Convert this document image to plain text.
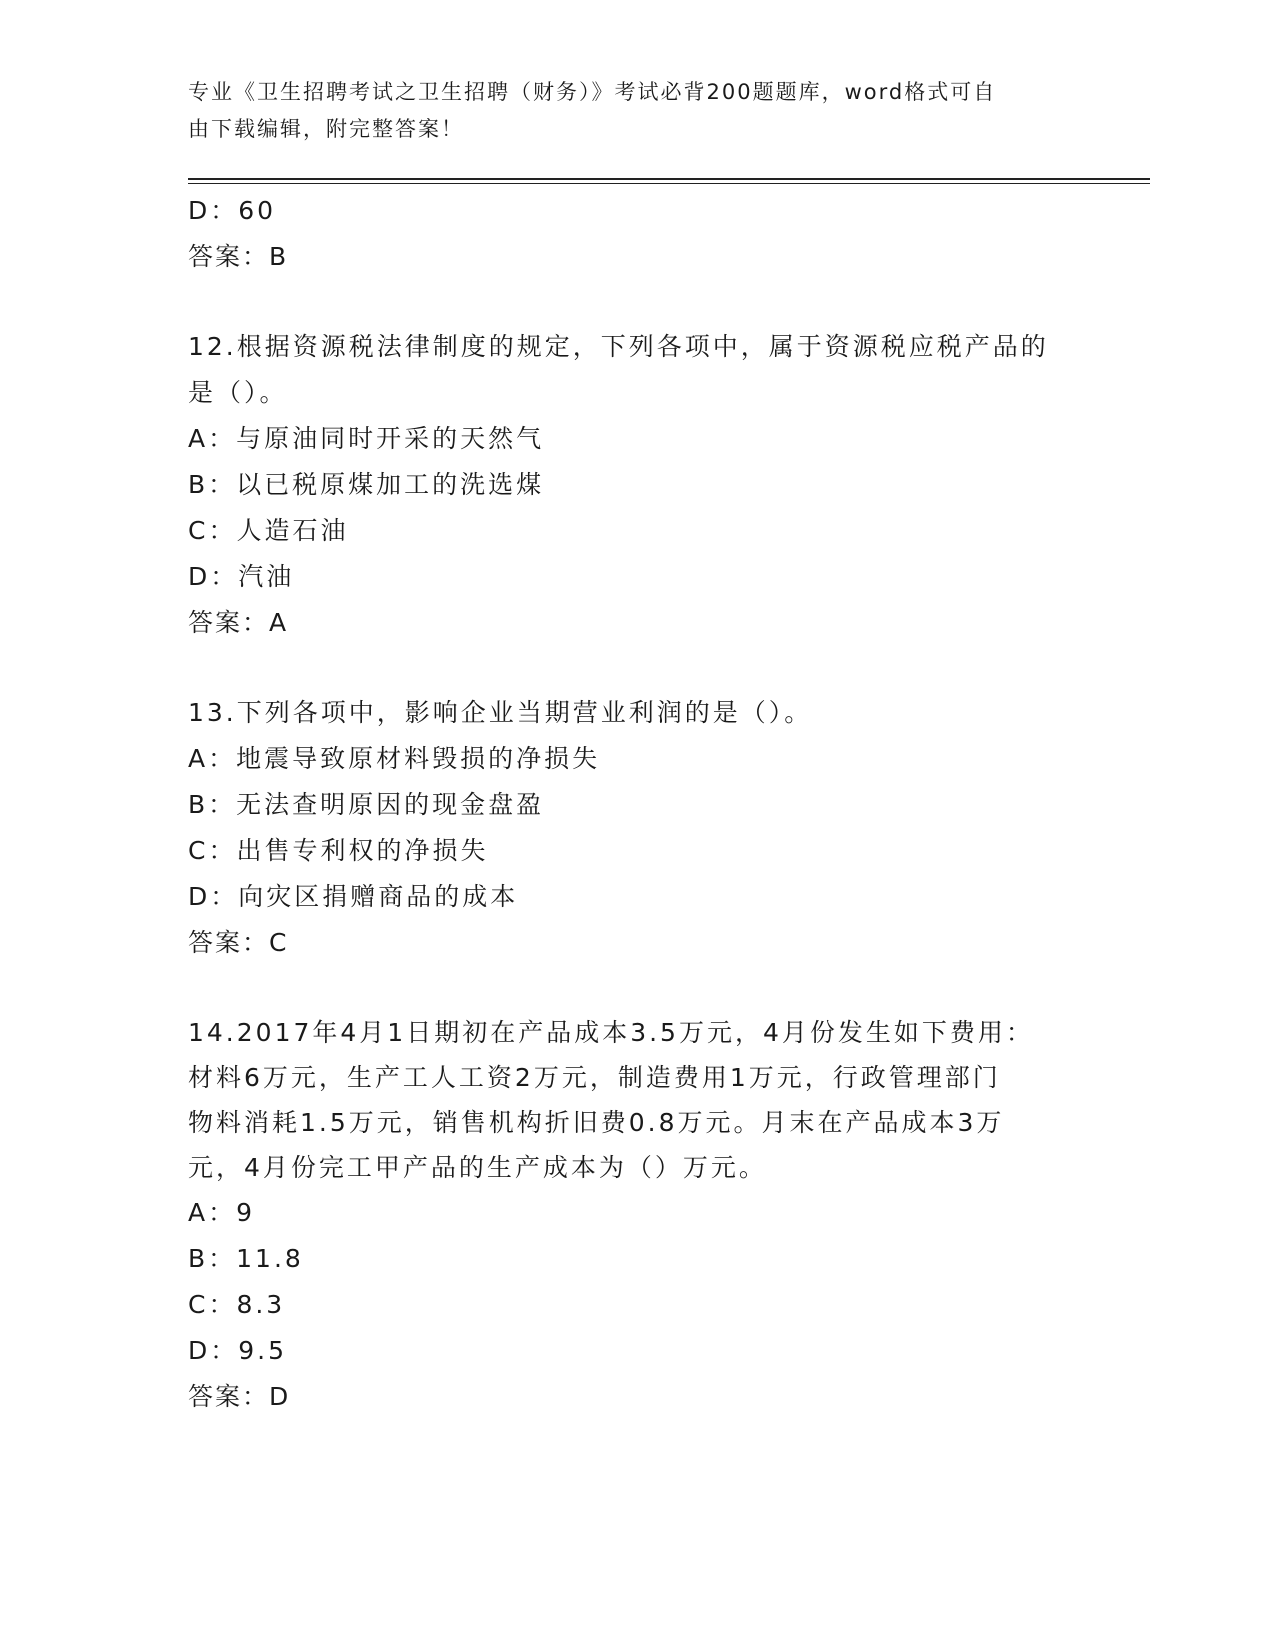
专业《卫生招聘考试之卫生招聘（财务）》考试必背200题题库，word格式可自
由下载编辑，附完整答案！
D：60
答案：B
12.根据资源税法律制度的规定，下列各项中，属于资源税应税产品的
是（）。
A：与原油同时开采的天然气
B：以已税原煤加工的洗选煤
C：人造石油
D：汽油
答案：A
13.下列各项中，影响企业当期营业利润的是（）。
A：地震导致原材料毁损的净损失
B：无法查明原因的现金盘盈
C：出售专利权的净损失
D：向灾区捐赠商品的成本
答案：C
14.2017年4月1日期初在产品成本3.5万元，4月份发生如下费用：
材料6万元，生产工人工资2万元，制造费用1万元，行政管理部门
物料消耗1.5万元，销售机构折旧费0.8万元。月末在产品成本3万
元，4月份完工甲产品的生产成本为（）万元。
A：9
B：11.8
C：8.3
D：9.5
答案：D
